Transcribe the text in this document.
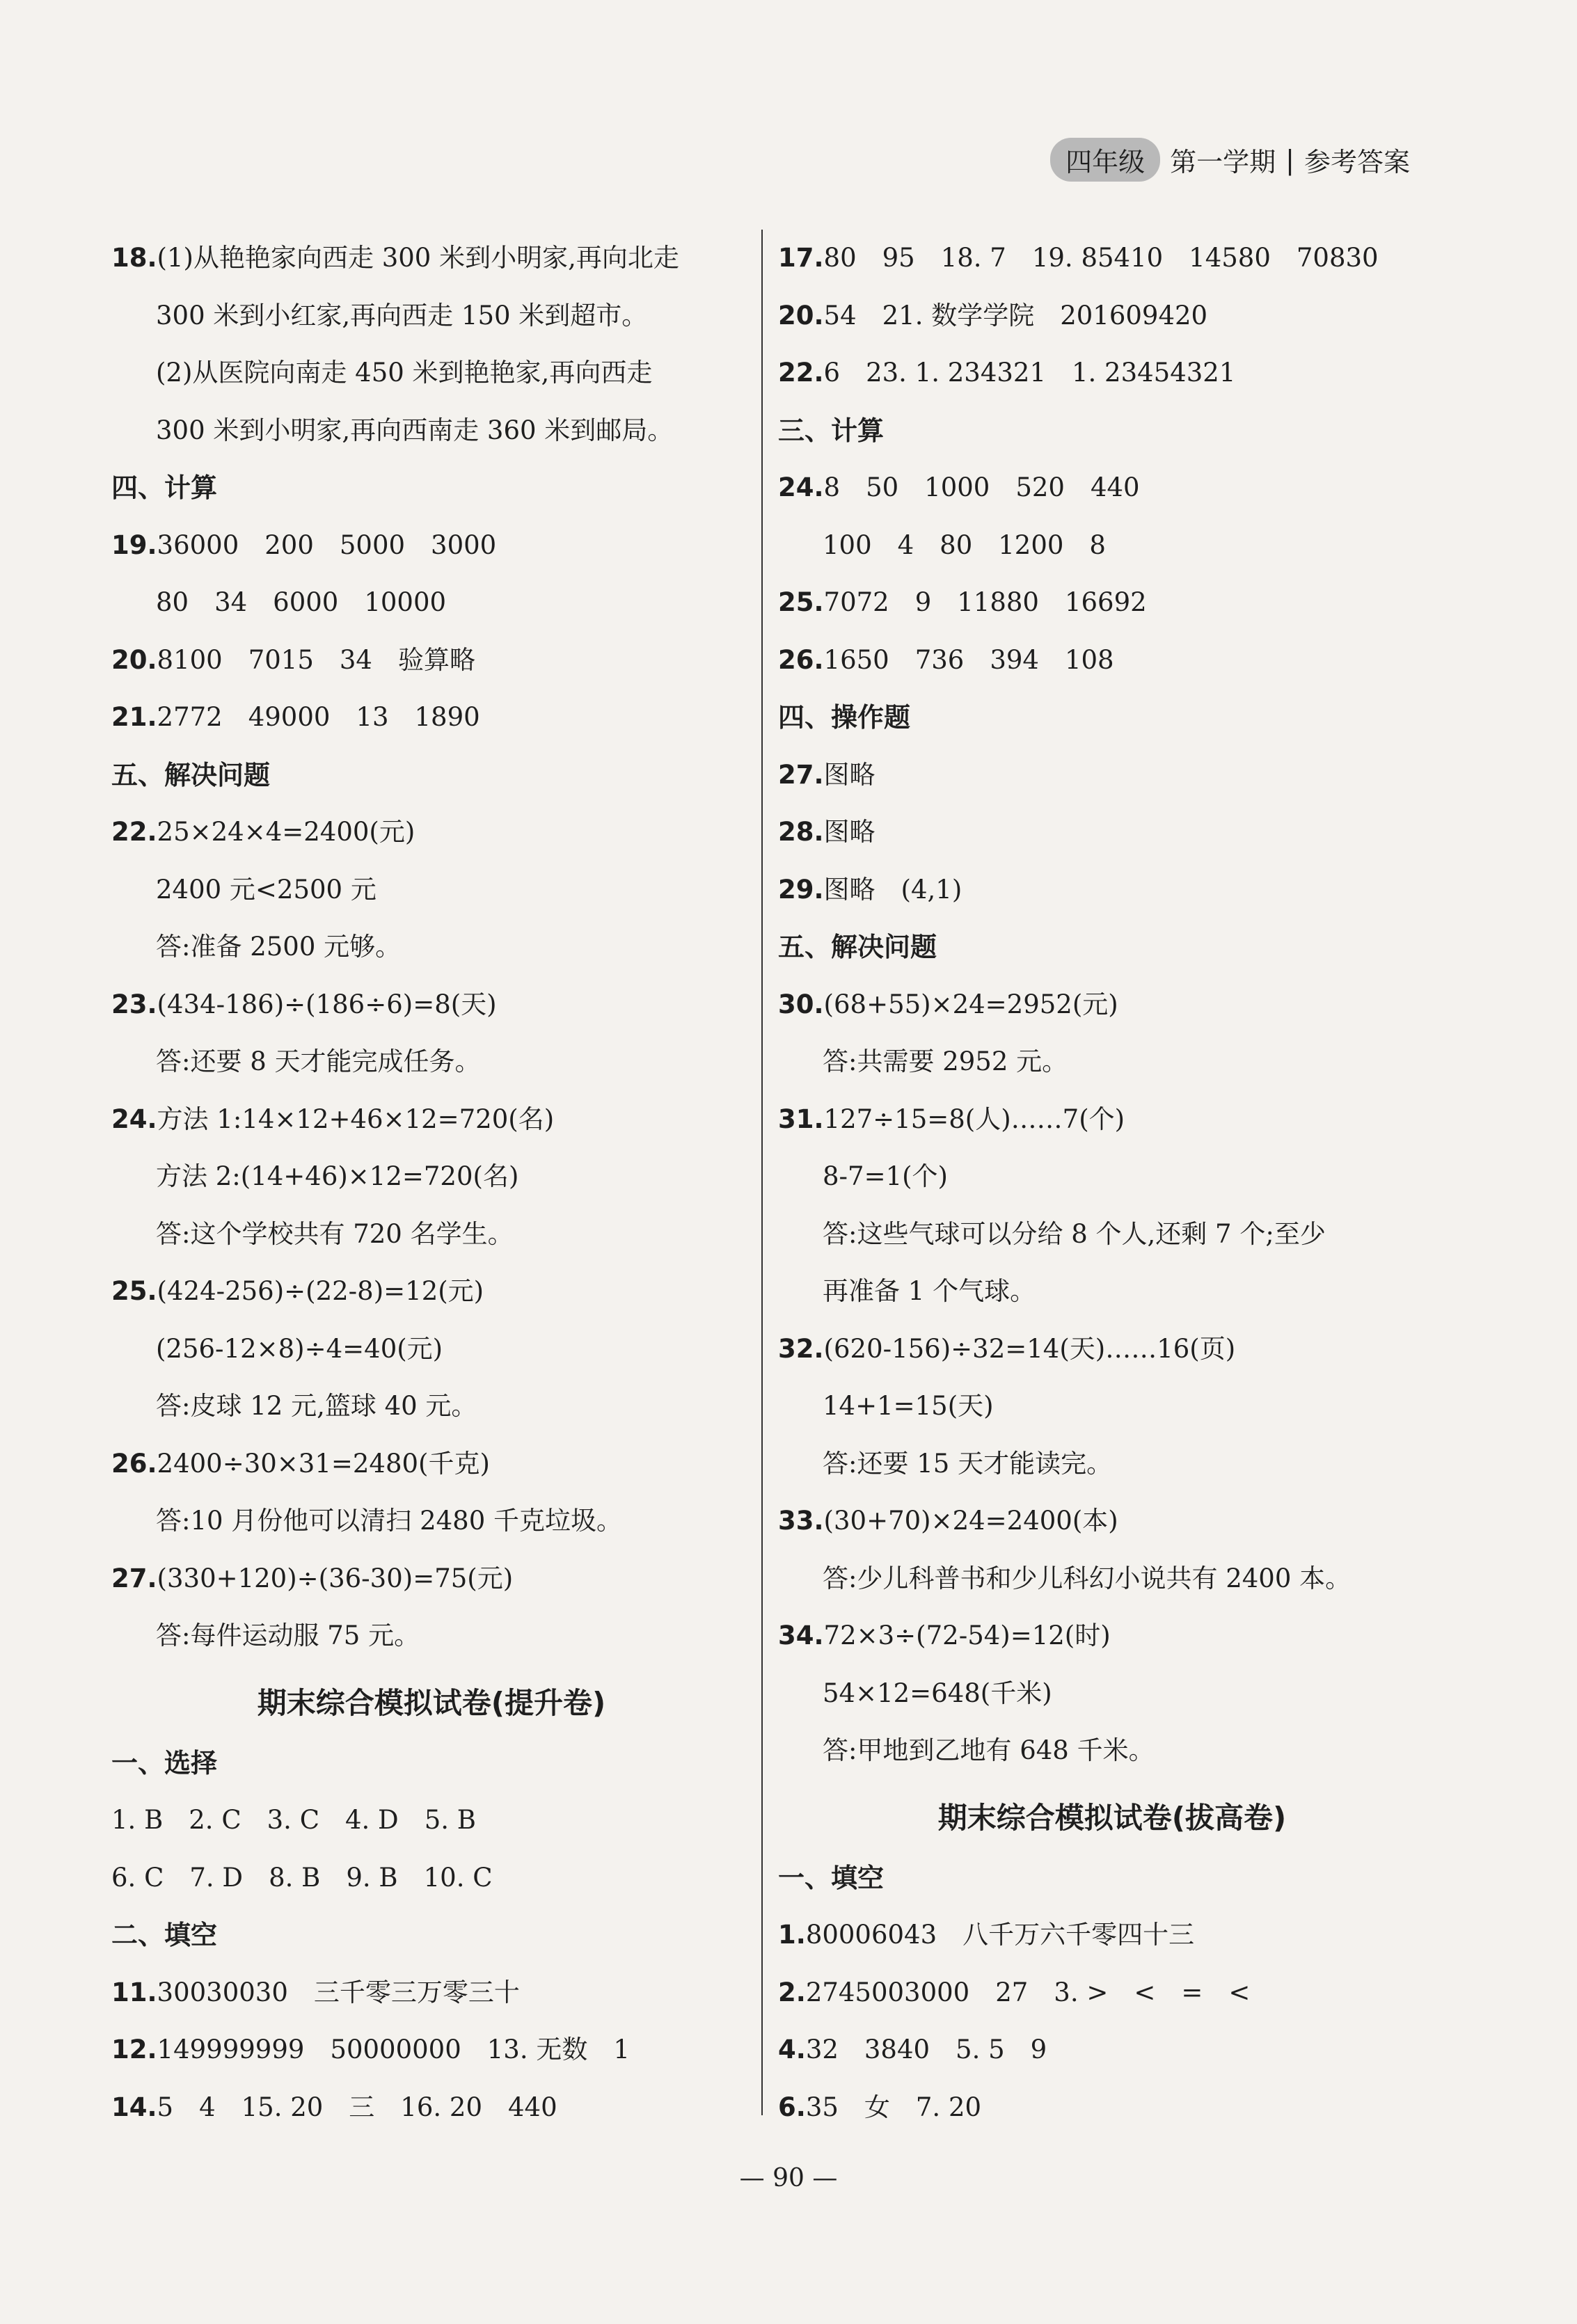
四年级 第一学期 | 参考答案
18.(1)从艳艳家向西走 300 米到小明家,再向北走
300 米到小红家,再向西走 150 米到超市。
(2)从医院向南走 450 米到艳艳家,再向西走
300 米到小明家,再向西南走 360 米到邮局。
四、计算
19.36000　200　5000　3000
80　34　6000　10000
20.8100　7015　34　验算略
21.2772　49000　13　1890
五、解决问题
22.25×24×4=2400(元)
2400 元<2500 元
答:准备 2500 元够。
23.(434-186)÷(186÷6)=8(天)
答:还要 8 天才能完成任务。
24.方法 1:14×12+46×12=720(名)
方法 2:(14+46)×12=720(名)
答:这个学校共有 720 名学生。
25.(424-256)÷(22-8)=12(元)
(256-12×8)÷4=40(元)
答:皮球 12 元,篮球 40 元。
26.2400÷30×31=2480(千克)
答:10 月份他可以清扫 2480 千克垃圾。
27.(330+120)÷(36-30)=75(元)
答:每件运动服 75 元。
期末综合模拟试卷(提升卷)
一、选择
1. B　2. C　3. C　4. D　5. B
6. C　7. D　8. B　9. B　10. C
二、填空
11.30030030　三千零三万零三十
12.149999999　50000000　13. 无数　1
14.5　4　15. 20　三　16. 20　440
17.80　95　18. 7　19. 85410　14580　70830
20.54　21. 数学学院　201609420
22.6　23. 1. 234321　1. 23454321
三、计算
24.8　50　1000　520　440
100　4　80　1200　8
25.7072　9　11880　16692
26.1650　736　394　108
四、操作题
27.图略
28.图略
29.图略　(4,1)
五、解决问题
30.(68+55)×24=2952(元)
答:共需要 2952 元。
31.127÷15=8(人)……7(个)
8-7=1(个)
答:这些气球可以分给 8 个人,还剩 7 个;至少
再准备 1 个气球。
32.(620-156)÷32=14(天)……16(页)
14+1=15(天)
答:还要 15 天才能读完。
33.(30+70)×24=2400(本)
答:少儿科普书和少儿科幻小说共有 2400 本。
34.72×3÷(72-54)=12(时)
54×12=648(千米)
答:甲地到乙地有 648 千米。
期末综合模拟试卷(拔高卷)
一、填空
1.80006043　八千万六千零四十三
2.2745003000　27　3. >　<　=　<
4.32　3840　5. 5　9
6.35　女　7. 20
— 90 —
